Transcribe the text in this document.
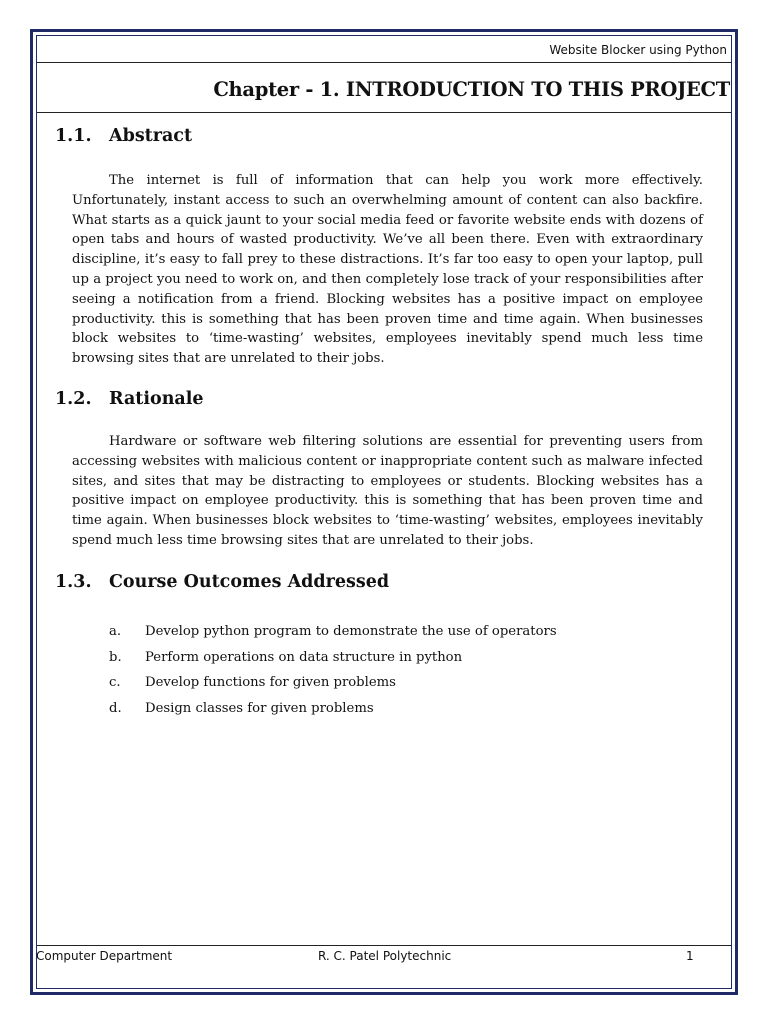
Website Blocker using Python
Chapter - 1. INTRODUCTION TO THIS PROJECT
1.1. Abstract

The internet is full of information that can help you work more effectively. Unfortunately, instant access to such an overwhelming amount of content can also backfire. What starts as a quick jaunt to your social media feed or favorite website ends with dozens of open tabs and hours of wasted productivity. We’ve all been there. Even with extraordinary discipline, it’s easy to fall prey to these distractions. It’s far too easy to open your laptop, pull up a project you need to work on, and then completely lose track of your responsibilities after seeing a notification from a friend. Blocking websites has a positive impact on employee productivity. this is something that has been proven time and time again. When businesses block websites to ‘time-wasting’ websites, employees inevitably spend much less time browsing sites that are unrelated to their jobs.

1.2. Rationale

Hardware or software web filtering solutions are essential for preventing users from accessing websites with malicious content or inappropriate content such as malware infected sites, and sites that may be distracting to employees or students. Blocking websites has a positive impact on employee productivity. this is something that has been proven time and time again. When businesses block websites to ‘time-wasting’ websites, employees inevitably spend much less time browsing sites that are unrelated to their jobs.

1.3. Course Outcomes Addressed
a. Develop python program to demonstrate the use of operators
b. Perform operations on data structure in python
c. Develop functions for given problems
d. Design classes for given problems
Computer Department	R. C. Patel Polytechnic	1
